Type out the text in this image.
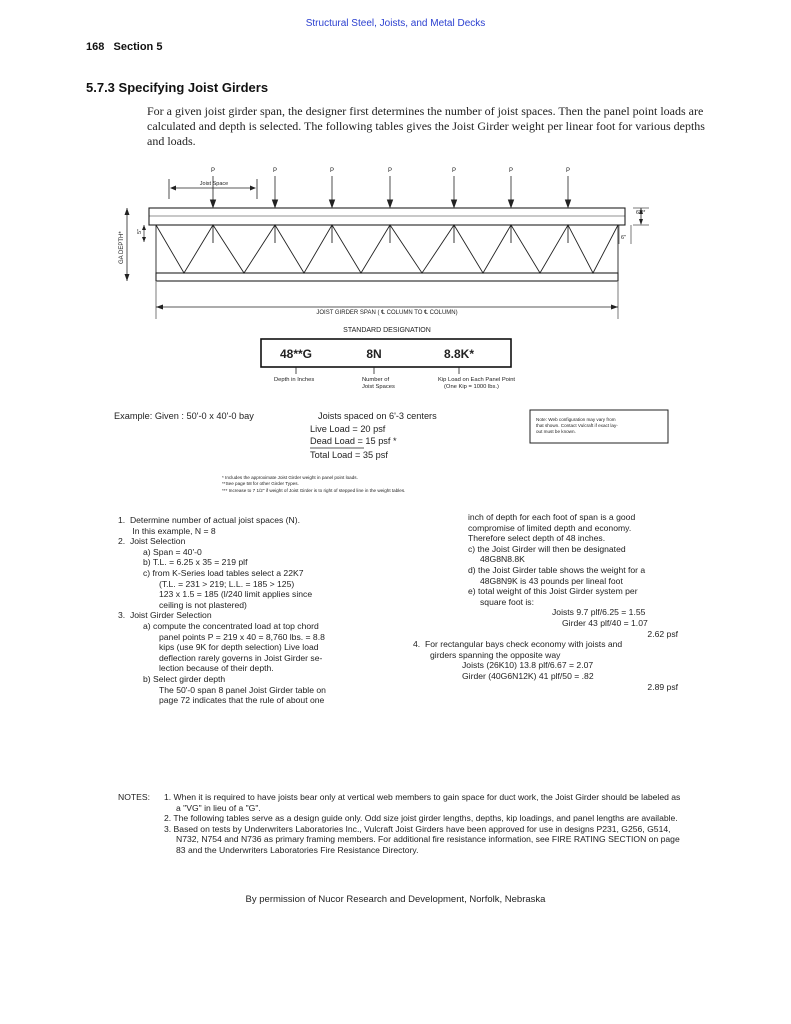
Structural Steel, Joists, and Metal Decks
168 Section 5
5.7.3 Specifying Joist Girders
For a given joist girder span, the designer first determines the number of joist spaces. Then the panel point loads are calculated and depth is selected. The following tables gives the Joist Girder weight per linear foot for various depths and loads.
P	P	P	P	P	P	P
Joist Space
GA DEPTH* 5"
6"**
6"
JOIST GIRDER SPAN ( ℄ COLUMN TO ℄ COLUMN)
STANDARD DESIGNATION
48**G	8N	8.8K*
Depth in Inches	Number of
Joist Spaces
Kip Load on Each Panel Point
(One Kip = 1000 lbs.)
Example: Given : 50'-0 x 40'-0 bay	Joists spaced on 6'-3 centers
Live Load = 20 psf
Dead Load = 15 psf *
Total Load = 35 psf
Note: Web configuration may vary from
that shown. Contact Vulcraft if exact lay-
out must be known.
* Includes the approximate Joist Girder weight in panel point loads.
**See page 58 for other Girder Types.
*** Increase to 7 1/2" if weight of Joist Girder is to right of stepped line in the weight tables.
1.  Determine number of actual joist spaces (N).
In this example, N = 8
2.  Joist Selection
a) Span = 40'-0
b) T.L. = 6.25 x 35 = 219 plf
c) from K-Series load tables select a 22K7
(T.L. = 231 > 219; L.L. = 185 > 125)
123 x 1.5 = 185 (l/240 limit applies since
ceiling is not plastered)
3.  Joist Girder Selection
a) compute the concentrated load at top chord
panel points P = 219 x 40 = 8,760 lbs. = 8.8
kips (use 9K for depth selection) Live load
deflection rarely governs in Joist Girder se-
lection because of their depth.
b) Select girder depth
The 50'-0 span 8 panel Joist Girder table on
page 72 indicates that the rule of about one
inch of depth for each foot of span is a good
compromise of limited depth and economy.
Therefore select depth of 48 inches.
c) the Joist Girder will then be designated
48G8N8.8K
d) the Joist Girder table shows the weight for a
48G8N9K is 43 pounds per lineal foot
e) total weight of this Joist Girder system per
square foot is:
Joists 9.7 plf/6.25 = 1.55
Girder 43 plf/40 = 1.07
2.62 psf
4.  For rectangular bays check economy with joists and
girders spanning the opposite way
Joists (26K10) 13.8 plf/6.67 = 2.07
Girder (40G6N12K) 41 plf/50 = .82
2.89 psf
NOTES:	1. When it is required to have joists bear only at vertical web members to gain space for duct work, the Joist Girder should be labeled as a "VG" in lieu of a "G".
2. The following tables serve as a design guide only. Odd size joist girder lengths, depths, kip loadings, and panel lengths are available.
3. Based on tests by Underwriters Laboratories Inc., Vulcraft Joist Girders have been approved for use in designs P231, G256, G514, N732, N754 and N736 as primary framing members. For additional fire resistance information, see FIRE RATING SECTION on page 83 and the Underwriters Laboratories Fire Resistance Directory.
By permission of Nucor Research and Development, Norfolk, Nebraska
